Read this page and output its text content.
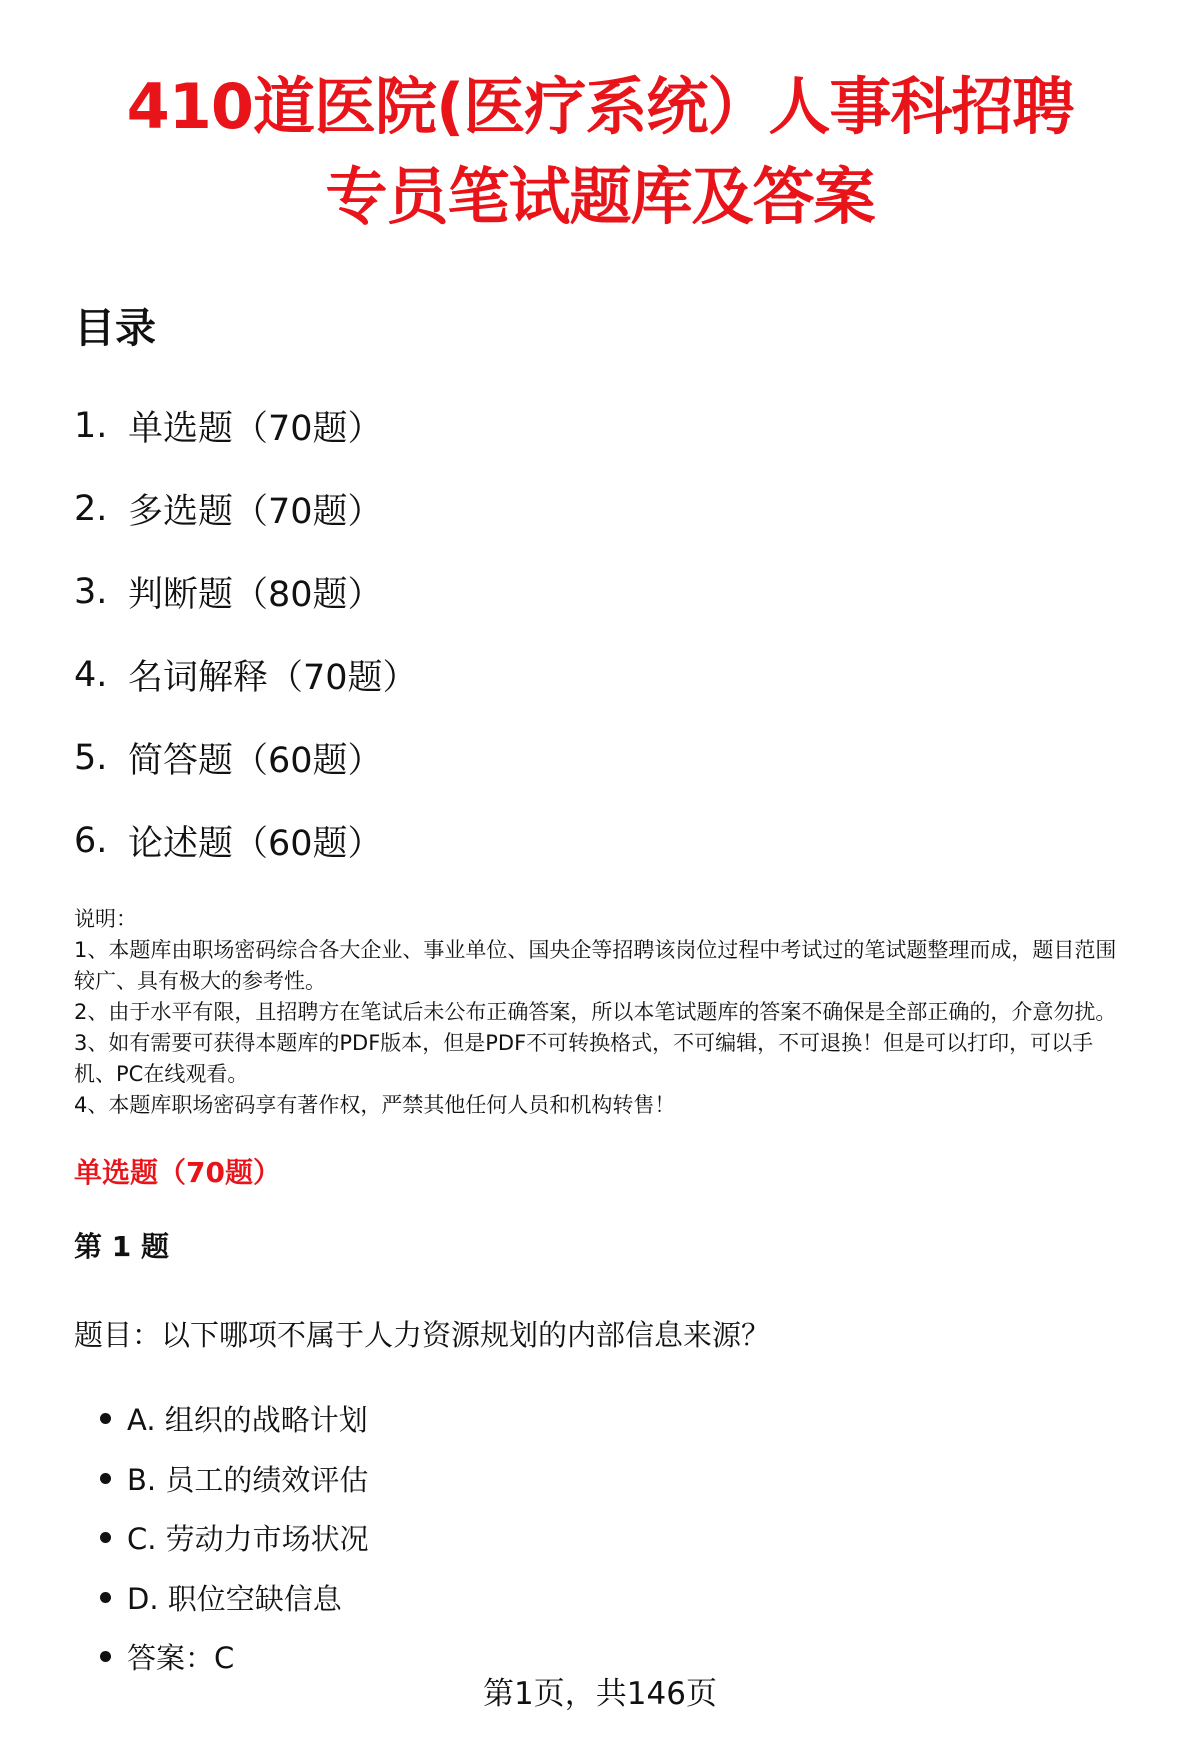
410道医院(医疗系统）人事科招聘
专员笔试题库及答案
目录
1. 单选题（70题）
2. 多选题（70题）
3. 判断题（80题）
4. 名词解释（70题）
5. 简答题（60题）
6. 论述题（60题）

说明：

1、本题库由职场密码综合各大企业、事业单位、国央企等招聘该岗位过程中考试过的笔试题整理而成，题目范围较广、具有极大的参考性。

2、由于水平有限，且招聘方在笔试后未公布正确答案，所以本笔试题库的答案不确保是全部正确的，介意勿扰。

3、如有需要可获得本题库的PDF版本，但是PDF不可转换格式，不可编辑，不可退换！但是可以打印，可以手机、PC在线观看。

4、本题库职场密码享有著作权，严禁其他任何人员和机构转售！

单选题（70题）
第 1 题

题目：以下哪项不属于人力资源规划的内部信息来源？

A. 组织的战略计划
B. 员工的绩效评估
C. 劳动力市场状况
D. 职位空缺信息
答案：C
第1页，共146页
